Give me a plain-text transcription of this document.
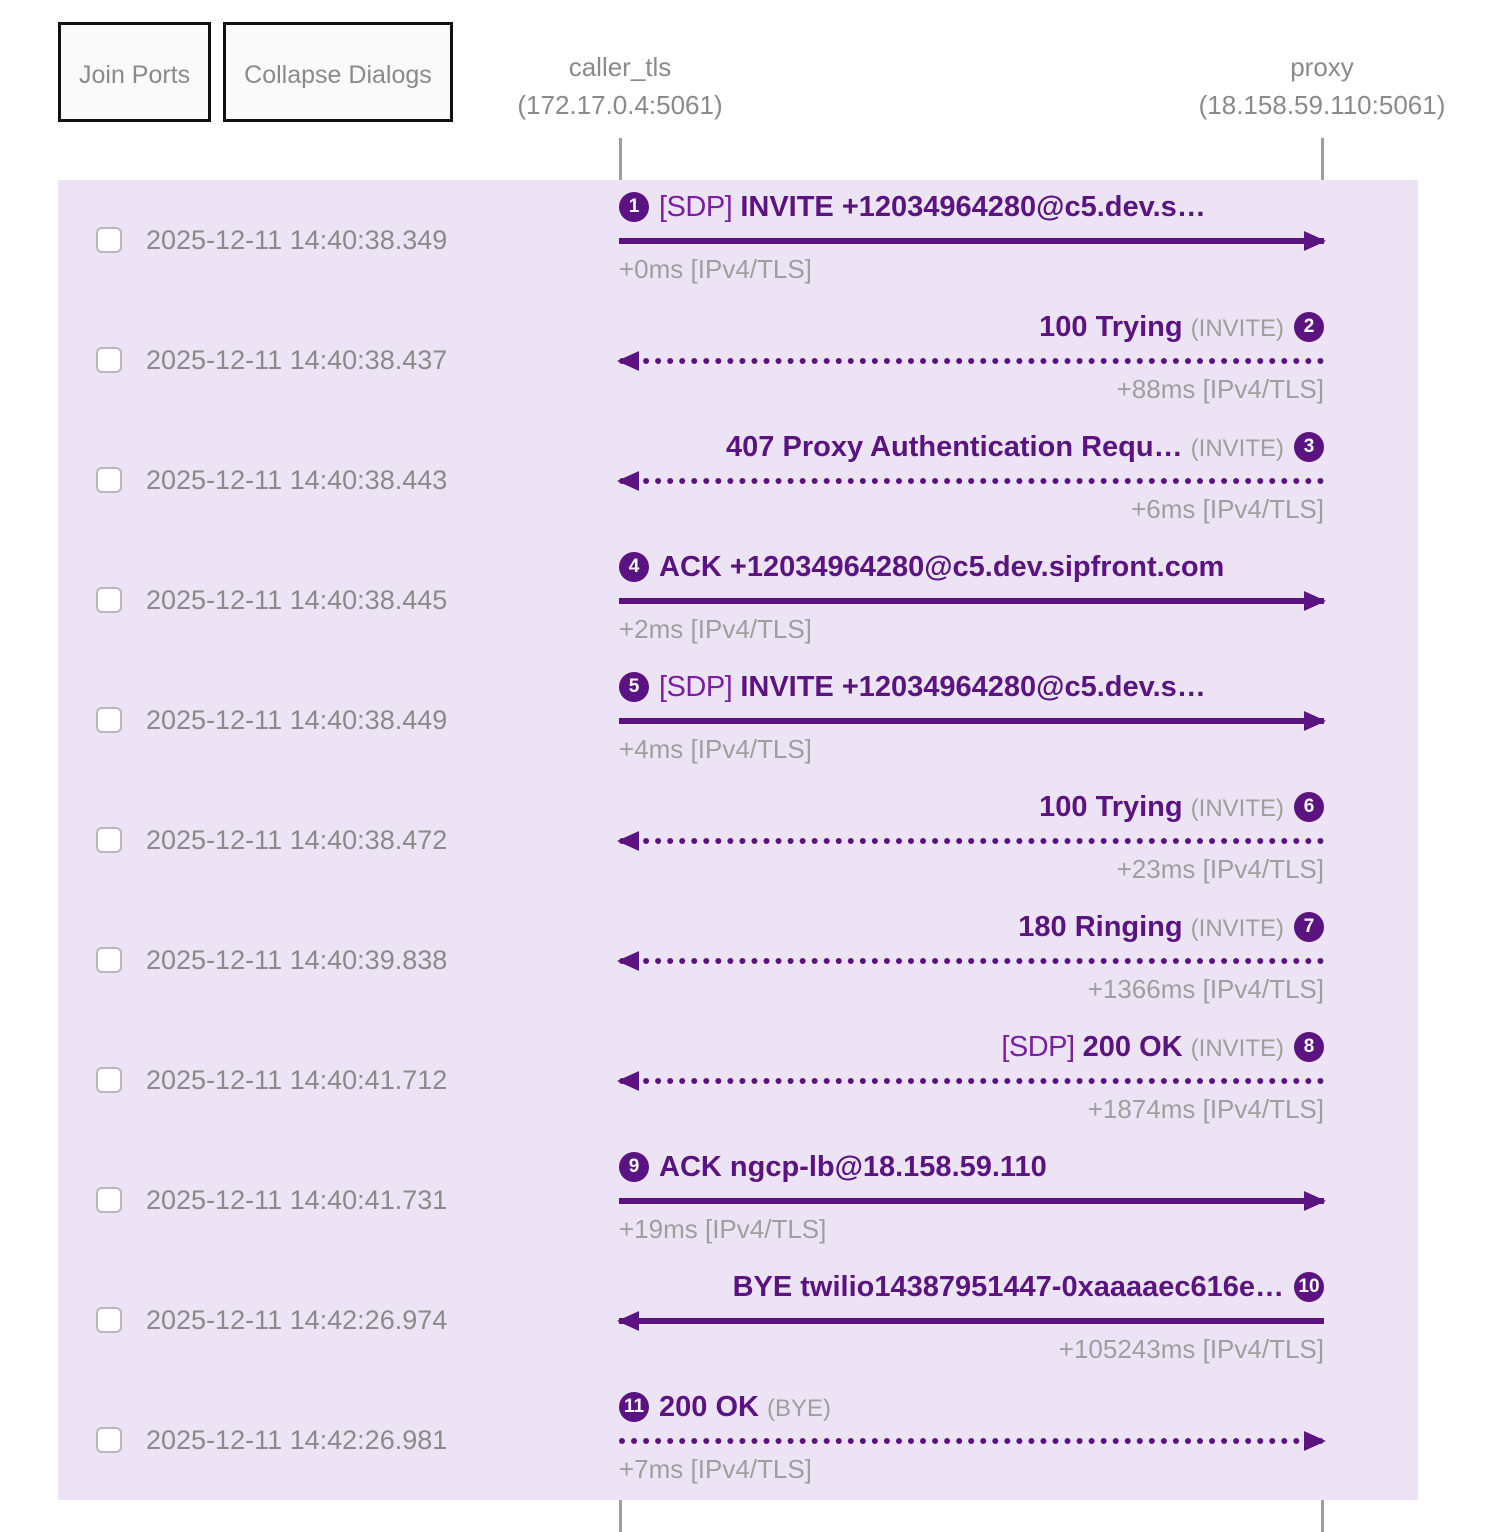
Join Ports	Collapse Dialogs	caller_tls
(172.17.0.4:5061)
proxy
(18.158.59.110:5061)
2025-12-11 14:40:38.349
1 [SDP] INVITE +12034964280@c5.dev.s…
+0ms [IPv4/TLS]
2025-12-11 14:40:38.437
100 Trying (INVITE)	2
+88ms [IPv4/TLS]
2025-12-11 14:40:38.443
407 Proxy Authentication Requ… (INVITE)	3
+6ms [IPv4/TLS]
2025-12-11 14:40:38.445
4 ACK +12034964280@c5.dev.sipfront.com
+2ms [IPv4/TLS]
2025-12-11 14:40:38.449
5 [SDP] INVITE +12034964280@c5.dev.s…
+4ms [IPv4/TLS]
2025-12-11 14:40:38.472
100 Trying (INVITE)	6
+23ms [IPv4/TLS]
2025-12-11 14:40:39.838
180 Ringing (INVITE)	7
+1366ms [IPv4/TLS]
2025-12-11 14:40:41.712
[SDP] 200 OK (INVITE)	8
+1874ms [IPv4/TLS]
2025-12-11 14:40:41.731
9 ACK ngcp-lb@18.158.59.110
+19ms [IPv4/TLS]
2025-12-11 14:42:26.974
BYE twilio14387951447-0xaaaaec616e… 10
+105243ms [IPv4/TLS]
2025-12-11 14:42:26.981
11 200 OK (BYE)
+7ms [IPv4/TLS]
